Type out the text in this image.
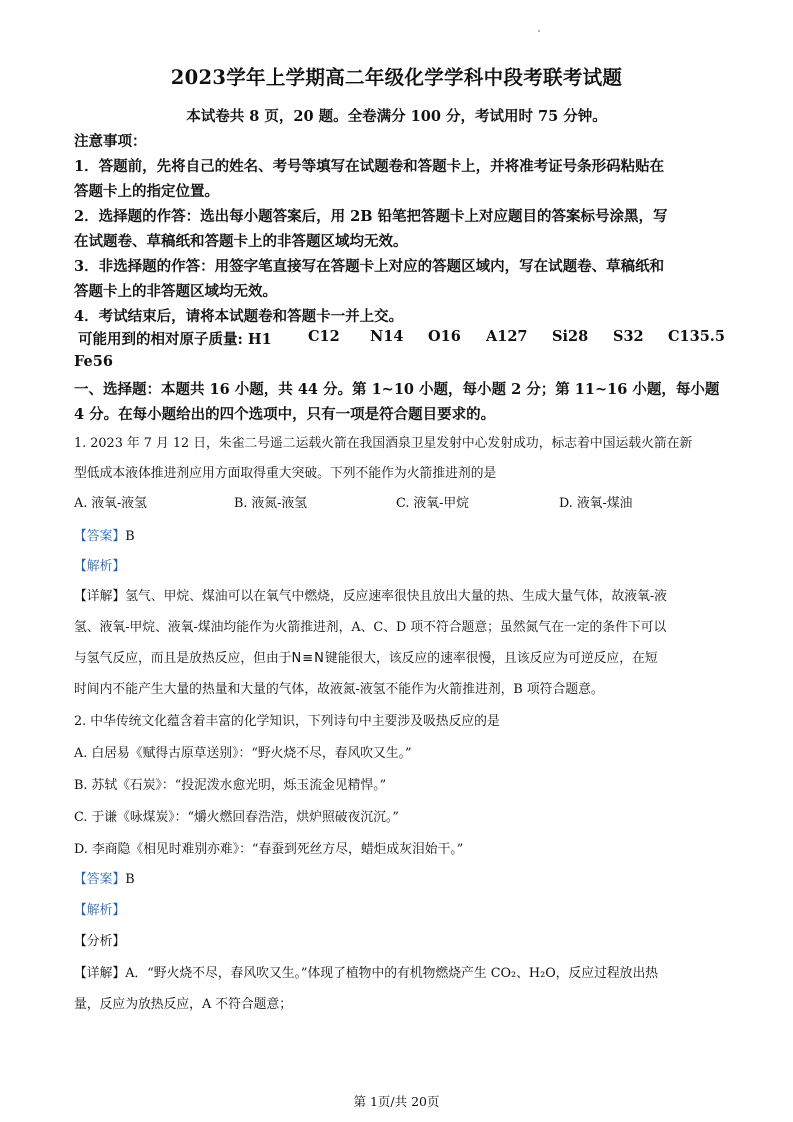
2023学年上学期高二年级化学学科中段考联考试题
本试卷共 8 页，20 题。全卷满分 100 分，考试用时 75 分钟。
注意事项：
1．答题前，先将自己的姓名、考号等填写在试题卷和答题卡上，并将准考证号条形码粘贴在
答题卡上的指定位置。
2．选择题的作答：选出每小题答案后，用 2B 铅笔把答题卡上对应题目的答案标号涂黑，写
在试题卷、草稿纸和答题卡上的非答题区域均无效。
3．非选择题的作答：用签字笔直接写在答题卡上对应的答题区域内，写在试题卷、草稿纸和
答题卡上的非答题区域均无效。
4．考试结束后，请将本试题卷和答题卡一并上交。
可能用到的相对原子质量: H1	C12 N14 O16 A127 Si28 S32 C135.5
Fe56
一、选择题：本题共 16 小题，共 44 分。第 1~10 小题，每小题 2 分；第 11~16 小题，每小题
4 分。在每小题给出的四个选项中，只有一项是符合题目要求的。
1. 2023 年 7 月 12 日，朱雀二号遥二运载火箭在我国酒泉卫星发射中心发射成功，标志着中国运载火箭在新
型低成本液体推进剂应用方面取得重大突破。下列不能作为火箭推进剂的是
A. 液氧-液氢	B. 液氮-液氢	C. 液氧-甲烷	D. 液氧-煤油
【答案】B
【解析】
【详解】氢气、甲烷、煤油可以在氧气中燃烧，反应速率很快且放出大量的热、生成大量气体，故液氧-液
氢、液氧-甲烷、液氧-煤油均能作为火箭推进剂，A、C、D 项不符合题意；虽然氮气在一定的条件下可以
与氢气反应，而且是放热反应，但由于N≡N键能很大，该反应的速率很慢，且该反应为可逆反应，在短
时间内不能产生大量的热量和大量的气体，故液氮-液氢不能作为火箭推进剂，B 项符合题意。
2. 中华传统文化蕴含着丰富的化学知识，下列诗句中主要涉及吸热反应的是
A. 白居易《赋得古原草送别》：“野火烧不尽，春风吹又生。”
B. 苏轼《石炭》：“投泥泼水愈光明，烁玉流金见精悍。”
C. 于谦《咏煤炭》：“爝火燃回春浩浩，烘炉照破夜沉沉。”
D. 李商隐《相见时难别亦难》：“春蚕到死丝方尽，蜡炬成灰泪始干。”
【答案】B
【解析】
【分析】
【详解】A．“野火烧不尽，春风吹又生。”体现了植物中的有机物燃烧产生 CO₂、H₂O，反应过程放出热
量，反应为放热反应，A 不符合题意；
第 1页/共 20页
